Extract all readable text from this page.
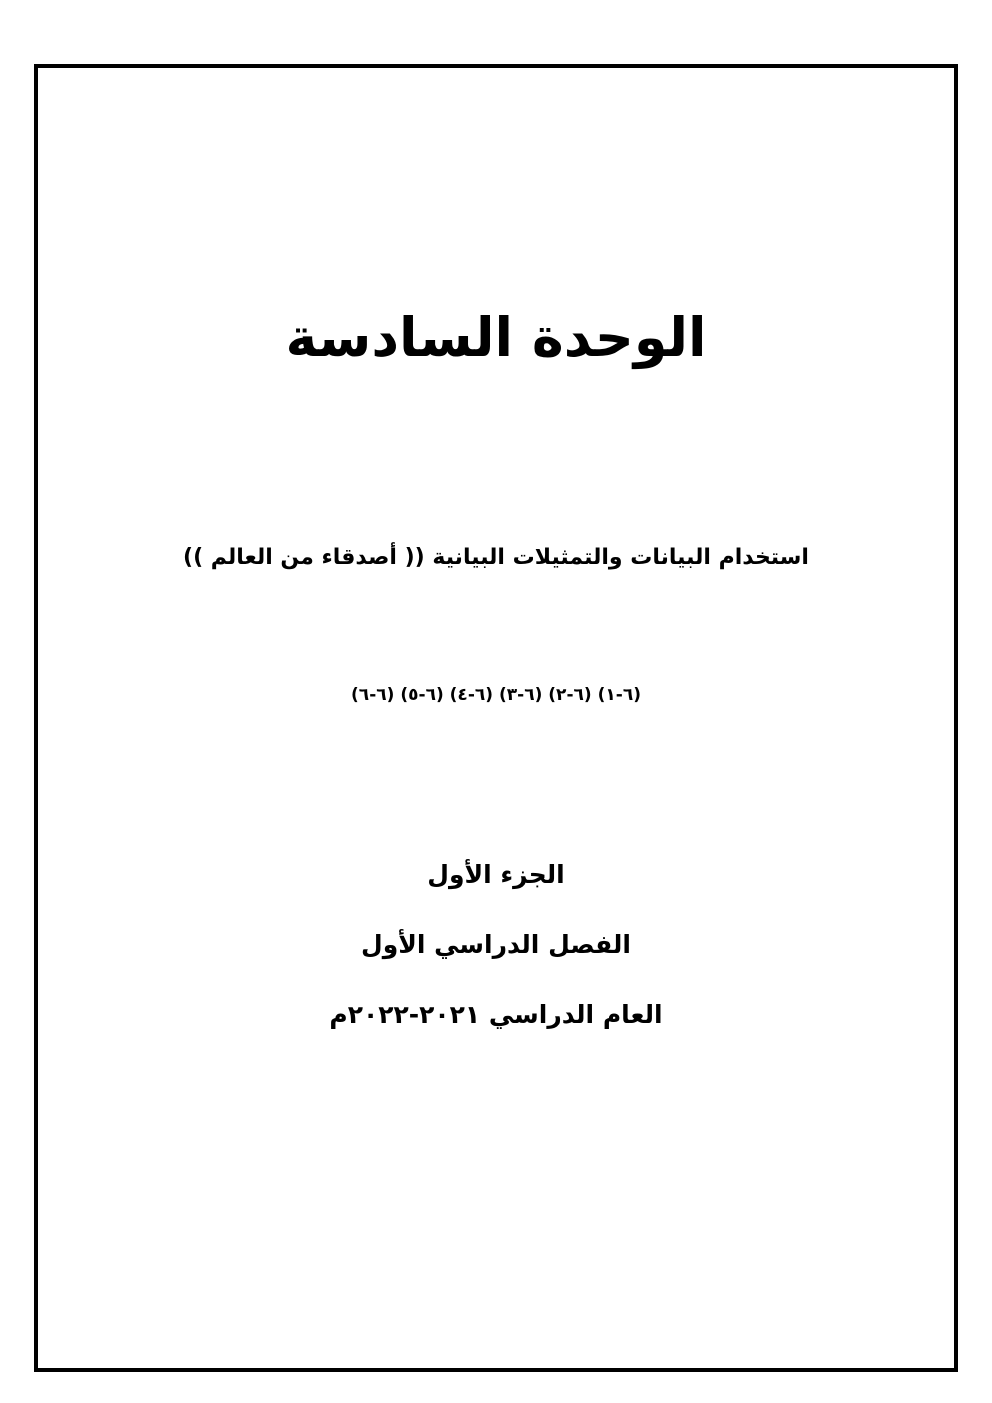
الوحدة السادسة
استخدام البيانات والتمثيلات البيانية (( أصدقاء من العالم ))
(٦-١) (٦-٢) (٦-٣) (٦-٤) (٦-٥) (٦-٦)
الجزء الأول
الفصل الدراسي الأول
العام الدراسي ٢٠٢١-٢٠٢٢م
